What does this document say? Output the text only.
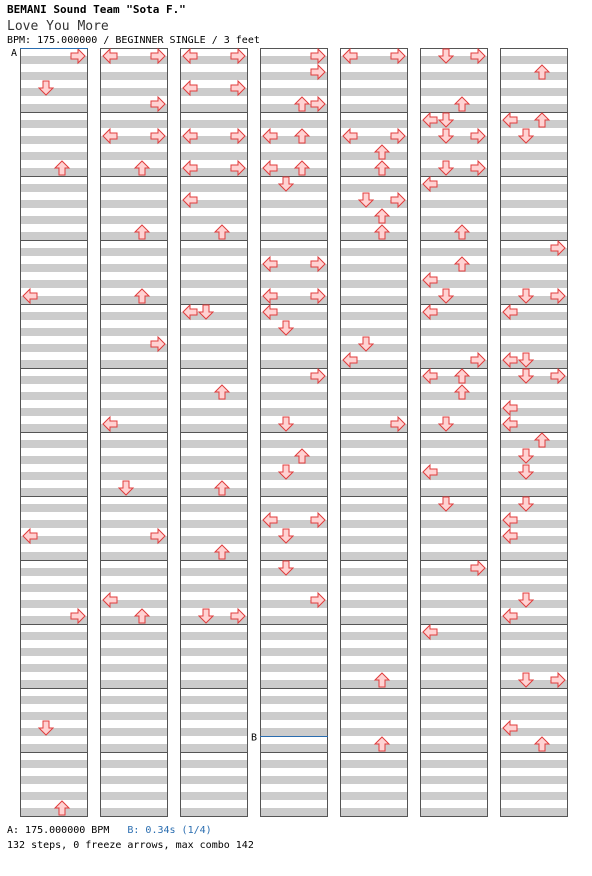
BEMANI Sound Team "Sota F."
Love You More
BPM: 175.000000 / BEGINNER SINGLE / 3 feet
A
B
A: 175.000000 BPM B: 0.34s (1/4)
132 steps, 0 freeze arrows, max combo 142
